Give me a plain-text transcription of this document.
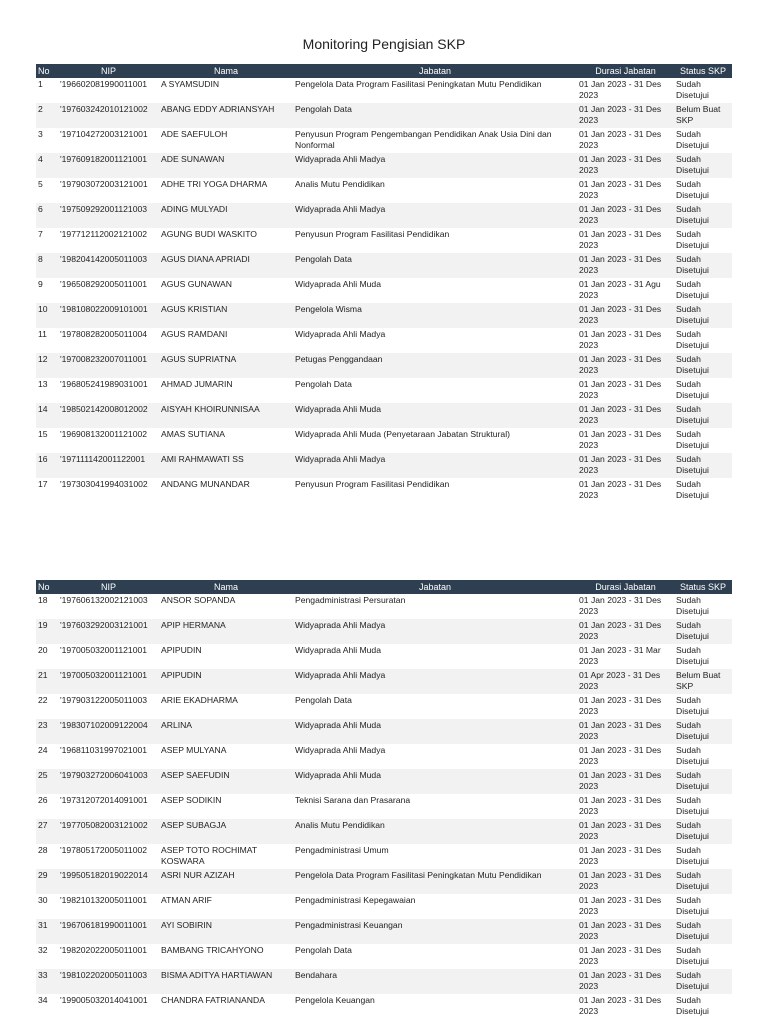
Monitoring Pengisian SKP
No	NIP	Nama	Jabatan	Durasi Jabatan	Status SKP
1	'196602081990011001	A SYAMSUDIN	Pengelola Data Program Fasilitasi Peningkatan Mutu Pendidikan	01 Jan 2023 - 31 Des 2023	Sudah Disetujui
2	'197603242010121002	ABANG EDDY ADRIANSYAH	Pengolah Data	01 Jan 2023 - 31 Des 2023	Belum Buat SKP
3	'197104272003121001	ADE SAEFULOH	Penyusun Program Pengembangan Pendidikan Anak Usia Dini dan Nonformal	01 Jan 2023 - 31 Des 2023	Sudah Disetujui
4	'197609182001121001	ADE SUNAWAN	Widyaprada Ahli Madya	01 Jan 2023 - 31 Des 2023	Sudah Disetujui
5	'197903072003121001	ADHE TRI YOGA DHARMA	Analis Mutu Pendidikan	01 Jan 2023 - 31 Des 2023	Sudah Disetujui
6	'197509292001121003	ADING MULYADI	Widyaprada Ahli Madya	01 Jan 2023 - 31 Des 2023	Sudah Disetujui
7	'197712112002121002	AGUNG BUDI WASKITO	Penyusun Program Fasilitasi Pendidikan	01 Jan 2023 - 31 Des 2023	Sudah Disetujui
8	'198204142005011003	AGUS DIANA APRIADI	Pengolah Data	01 Jan 2023 - 31 Des 2023	Sudah Disetujui
9	'196508292005011001	AGUS GUNAWAN	Widyaprada Ahli Muda	01 Jan 2023 - 31 Agu 2023	Sudah Disetujui
10	'198108022009101001	AGUS KRISTIAN	Pengelola Wisma	01 Jan 2023 - 31 Des 2023	Sudah Disetujui
11	'197808282005011004	AGUS RAMDANI	Widyaprada Ahli Madya	01 Jan 2023 - 31 Des 2023	Sudah Disetujui
12	'197008232007011001	AGUS SUPRIATNA	Petugas Penggandaan	01 Jan 2023 - 31 Des 2023	Sudah Disetujui
13	'196805241989031001	AHMAD JUMARIN	Pengolah Data	01 Jan 2023 - 31 Des 2023	Sudah Disetujui
14	'198502142008012002	AISYAH KHOIRUNNISAA	Widyaprada Ahli Muda	01 Jan 2023 - 31 Des 2023	Sudah Disetujui
15	'196908132001121002	AMAS SUTIANA	Widyaprada Ahli Muda (Penyetaraan Jabatan Struktural)	01 Jan 2023 - 31 Des 2023	Sudah Disetujui
16	'197111142001122001	AMI RAHMAWATI SS	Widyaprada Ahli Madya	01 Jan 2023 - 31 Des 2023	Sudah Disetujui
17	'197303041994031002	ANDANG MUNANDAR	Penyusun Program Fasilitasi Pendidikan	01 Jan 2023 - 31 Des 2023	Sudah Disetujui
No	NIP	Nama	Jabatan	Durasi Jabatan	Status SKP
18	'197606132002121003	ANSOR SOPANDA	Pengadministrasi Persuratan	01 Jan 2023 - 31 Des 2023	Sudah Disetujui
19	'197603292003121001	APIP HERMANA	Widyaprada Ahli Madya	01 Jan 2023 - 31 Des 2023	Sudah Disetujui
20	'197005032001121001	APIPUDIN	Widyaprada Ahli Muda	01 Jan 2023 - 31 Mar 2023	Sudah Disetujui
21	'197005032001121001	APIPUDIN	Widyaprada Ahli Madya	01 Apr 2023 - 31 Des 2023	Belum Buat SKP
22	'197903122005011003	ARIE EKADHARMA	Pengolah Data	01 Jan 2023 - 31 Des 2023	Sudah Disetujui
23	'198307102009122004	ARLINA	Widyaprada Ahli Muda	01 Jan 2023 - 31 Des 2023	Sudah Disetujui
24	'196811031997021001	ASEP MULYANA	Widyaprada Ahli Madya	01 Jan 2023 - 31 Des 2023	Sudah Disetujui
25	'197903272006041003	ASEP SAEFUDIN	Widyaprada Ahli Muda	01 Jan 2023 - 31 Des 2023	Sudah Disetujui
26	'197312072014091001	ASEP SODIKIN	Teknisi Sarana dan Prasarana	01 Jan 2023 - 31 Des 2023	Sudah Disetujui
27	'197705082003121002	ASEP SUBAGJA	Analis Mutu Pendidikan	01 Jan 2023 - 31 Des 2023	Sudah Disetujui
28	'197805172005011002	ASEP TOTO ROCHIMAT KOSWARA	Pengadministrasi Umum	01 Jan 2023 - 31 Des 2023	Sudah Disetujui
29	'199505182019022014	ASRI NUR AZIZAH	Pengelola Data Program Fasilitasi Peningkatan Mutu Pendidikan	01 Jan 2023 - 31 Des 2023	Sudah Disetujui
30	'198210132005011001	ATMAN ARIF	Pengadministrasi Kepegawaian	01 Jan 2023 - 31 Des 2023	Sudah Disetujui
31	'196706181990011001	AYI SOBIRIN	Pengadministrasi Keuangan	01 Jan 2023 - 31 Des 2023	Sudah Disetujui
32	'198202022005011001	BAMBANG TRICAHYONO	Pengolah Data	01 Jan 2023 - 31 Des 2023	Sudah Disetujui
33	'198102202005011003	BISMA ADITYA HARTIAWAN	Bendahara	01 Jan 2023 - 31 Des 2023	Sudah Disetujui
34	'199005032014041001	CHANDRA FATRIANANDA	Pengelola Keuangan	01 Jan 2023 - 31 Des 2023	Sudah Disetujui
